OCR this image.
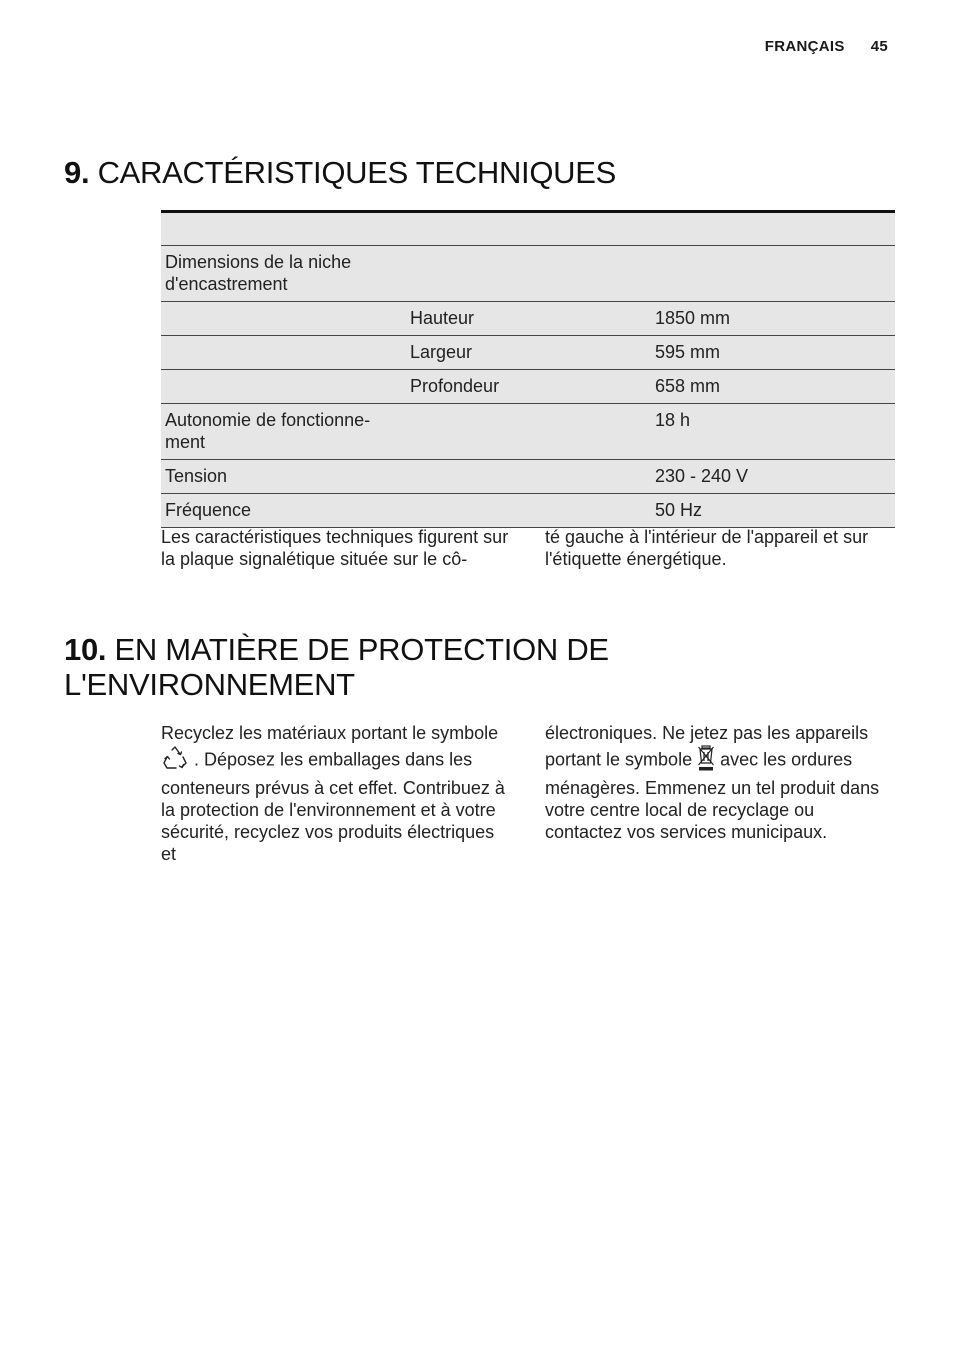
FRANÇAIS 45
9. CARACTÉRISTIQUES TECHNIQUES

Dimensions de la niche d'encastrement		
	Hauteur	1850 mm
	Largeur	595 mm
	Profondeur	658 mm
Autonomie de fonctionne-ment		18 h
Tension		230 - 240 V
Fréquence		50 Hz
Les caractéristiques techniques figurent sur la plaque signalétique située sur le cô-
té gauche à l'intérieur de l'appareil et sur l'étiquette énergétique.
10. EN MATIÈRE DE PROTECTION DE L'ENVIRONNEMENT
Recyclez les matériaux portant le symbole  . Déposez les emballages dans les conteneurs prévus à cet effet. Contribuez à la protection de l'environnement et à votre sécurité, recyclez vos produits électriques et
électroniques. Ne jetez pas les appareils portant le symbole avec les ordures ménagères. Emmenez un tel produit dans votre centre local de recyclage ou contactez vos services municipaux.
